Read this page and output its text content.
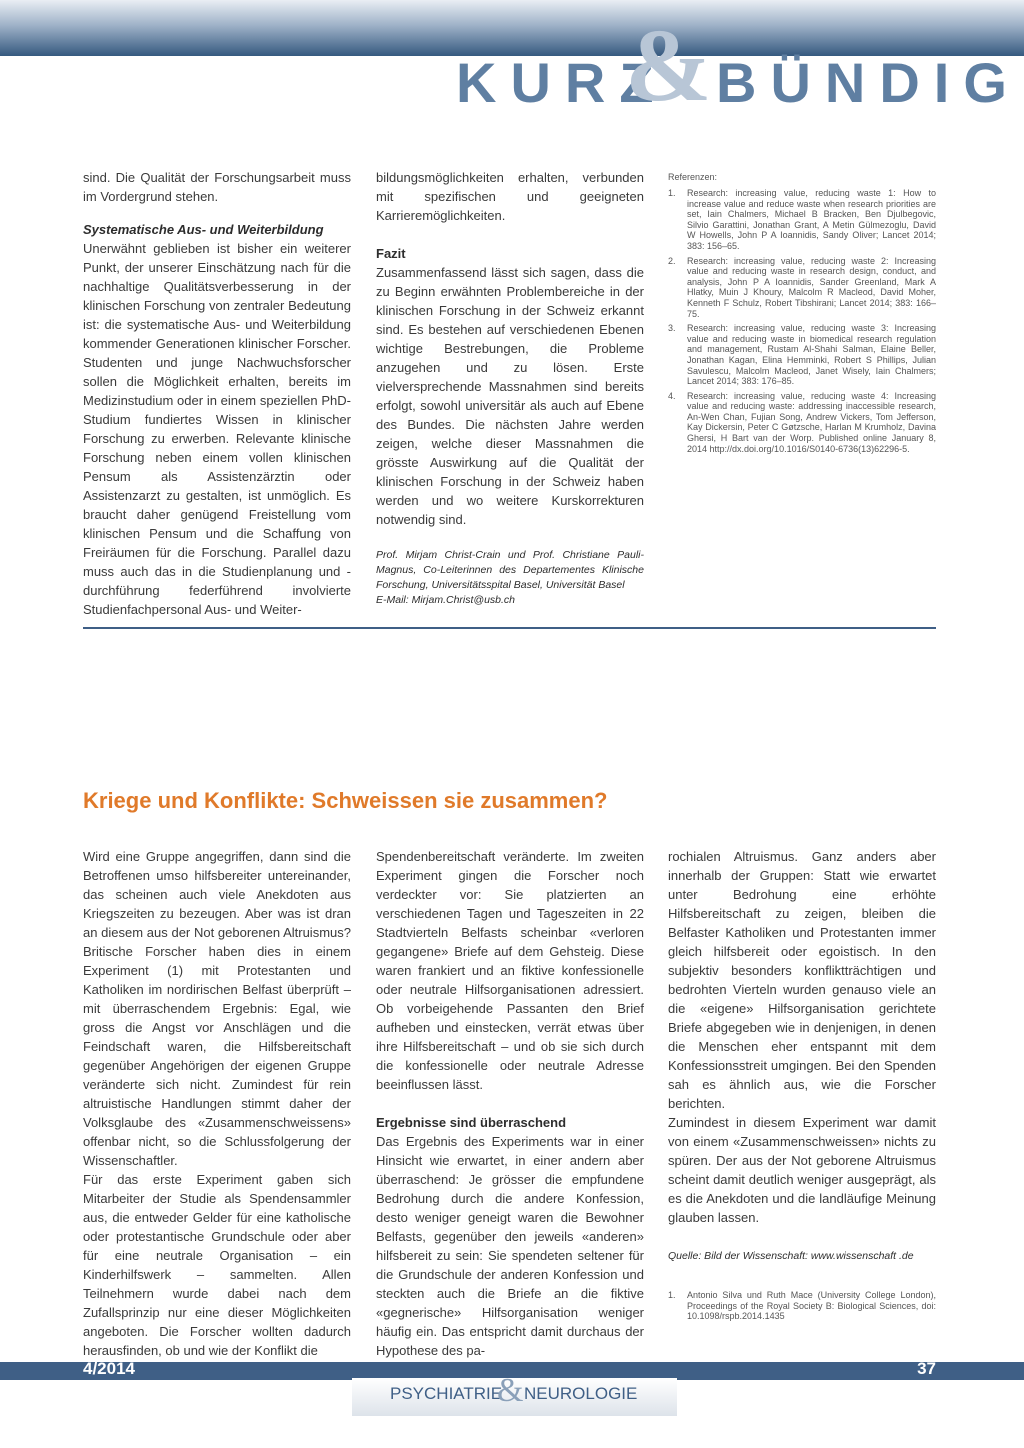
KURZ
& BÜNDIG

sind. Die Qualität der Forschungsarbeit muss im Vordergrund stehen.

Systematische Aus- und Weiterbildung

Unerwähnt geblieben ist bisher ein weiterer Punkt, der unserer Einschätzung nach für die nachhaltige Qualitätsverbesserung in der klinischen Forschung von zentraler Bedeutung ist: die systematische Aus- und Weiterbildung kommender Generationen klinischer Forscher. Studenten und junge Nachwuchsforscher sollen die Möglichkeit erhalten, bereits im Medizinstudium oder in einem speziellen PhD-Studium fundiertes Wissen in klinischer Forschung zu erwerben. Relevante klinische Forschung neben einem vollen klinischen Pensum als Assistenzärztin oder Assistenzarzt zu gestalten, ist unmöglich. Es braucht daher genügend Freistellung vom klinischen Pensum und die Schaffung von Freiräumen für die Forschung. Parallel dazu muss auch das in die Studienplanung und -durchführung federführend involvierte Studienfachpersonal Aus- und Weiter-

bildungsmöglichkeiten erhalten, verbunden mit spezifischen und geeigneten Karrieremöglichkeiten.

Fazit

Zusammenfassend lässt sich sagen, dass die zu Beginn erwähnten Problembereiche in der klinischen Forschung in der Schweiz erkannt sind. Es bestehen auf verschiedenen Ebenen wichtige Bestrebungen, die Probleme anzugehen und zu lösen. Erste vielversprechende Massnahmen sind bereits erfolgt, sowohl universitär als auch auf Ebene des Bundes. Die nächsten Jahre werden zeigen, welche dieser Massnahmen die grösste Auswirkung auf die Qualität der klinischen Forschung in der Schweiz haben werden und wo weitere Kurskorrekturen notwendig sind.

Prof. Mirjam Christ-Crain und Prof. Christiane Pauli-Magnus, Co-Leiterinnen des Departementes Klinische Forschung, Universitätsspital Basel, Universität Basel

E-Mail: Mirjam.Christ@usb.ch

Referenzen:
1. Research: increasing value, reducing waste 1: How to increase value and reduce waste when research priorities are set, Iain Chalmers, Michael B Bracken, Ben Djulbegovic, Silvio Garattini, Jonathan Grant, A Metin Gülmezoglu, David W Howells, John P A Ioannidis, Sandy Oliver; Lancet 2014; 383: 156–65.
2. Research: increasing value, reducing waste 2: Increasing value and reducing waste in research design, conduct, and analysis, John P A Ioannidis, Sander Greenland, Mark A Hlatky, Muin J Khoury, Malcolm R Macleod, David Moher, Kenneth F Schulz, Robert Tibshirani; Lancet 2014; 383: 166–75.
3. Research: increasing value, reducing waste 3: Increasing value and reducing waste in biomedical research regulation and management, Rustam Al-Shahi Salman, Elaine Beller, Jonathan Kagan, Elina Hemminki, Robert S Phillips, Julian Savulescu, Malcolm Macleod, Janet Wisely, Iain Chalmers; Lancet 2014; 383: 176–85.
4. Research: increasing value, reducing waste 4: Increasing value and reducing waste: addressing inaccessible research, An-Wen Chan, Fujian Song, Andrew Vickers, Tom Jefferson, Kay Dickersin, Peter C Gøtzsche, Harlan M Krumholz, Davina Ghersi, H Bart van der Worp. Published online January 8, 2014 http://dx.doi.org/10.1016/S0140-6736(13)62296-5.
Kriege und Konflikte: Schweissen sie zusammen?

Wird eine Gruppe angegriffen, dann sind die Betroffenen umso hilfsbereiter untereinander, das scheinen auch viele Anekdoten aus Kriegszeiten zu bezeugen. Aber was ist dran an diesem aus der Not geborenen Altruismus? Britische Forscher haben dies in einem Experiment (1) mit Protestanten und Katholiken im nordirischen Belfast überprüft – mit überraschendem Ergebnis: Egal, wie gross die Angst vor Anschlägen und die Feindschaft waren, die Hilfsbereitschaft gegenüber Angehörigen der eigenen Gruppe veränderte sich nicht. Zumindest für rein altruistische Handlungen stimmt daher der Volksglaube des «Zusammenschweissens» offenbar nicht, so die Schlussfolgerung der Wissenschaftler.

Für das erste Experiment gaben sich Mitarbeiter der Studie als Spendensammler aus, die entweder Gelder für eine katholische oder protestantische Grundschule oder aber für eine neutrale Organisation – ein Kinderhilfswerk – sammelten. Allen Teilnehmern wurde dabei nach dem Zufallsprinzip nur eine dieser Möglichkeiten angeboten. Die Forscher wollten dadurch herausfinden, ob und wie der Konflikt die

Spendenbereitschaft veränderte. Im zweiten Experiment gingen die Forscher noch verdeckter vor: Sie platzierten an verschiedenen Tagen und Tageszeiten in 22 Stadtvierteln Belfasts scheinbar «verloren gegangene» Briefe auf dem Gehsteig. Diese waren frankiert und an fiktive konfessionelle oder neutrale Hilfsorganisationen adressiert. Ob vorbeigehende Passanten den Brief aufheben und einstecken, verrät etwas über ihre Hilfsbereitschaft – und ob sie sich durch die konfessionelle oder neutrale Adresse beeinflussen lässt.

Ergebnisse sind überraschend

Das Ergebnis des Experiments war in einer Hinsicht wie erwartet, in einer andern aber überraschend: Je grösser die empfundene Bedrohung durch die andere Konfession, desto weniger geneigt waren die Bewohner Belfasts, gegenüber den jeweils «anderen» hilfsbereit zu sein: Sie spendeten seltener für die Grundschule der anderen Konfession und steckten auch die Briefe an die fiktive «gegnerische» Hilfsorganisation weniger häufig ein. Das entspricht damit durchaus der Hypothese des pa-

rochialen Altruismus. Ganz anders aber innerhalb der Gruppen: Statt wie erwartet unter Bedrohung eine erhöhte Hilfsbereitschaft zu zeigen, bleiben die Belfaster Katholiken und Protestanten immer gleich hilfsbereit oder egoistisch. In den subjektiv besonders konfliktträchtigen und bedrohten Vierteln wurden genauso viele an die «eigene» Hilfsorganisation gerichtete Briefe abgegeben wie in denjenigen, in denen die Menschen eher entspannt mit dem Konfessionsstreit umgingen. Bei den Spenden sah es ähnlich aus, wie die Forscher berichten.

Zumindest in diesem Experiment war damit von einem «Zusammenschweissen» nichts zu spüren. Der aus der Not geborene Altruismus scheint damit deutlich weniger ausgeprägt, als es die Anekdoten und die landläufige Meinung glauben lassen.

Quelle: Bild der Wissenschaft: www.wissenschaft .de

1. Antonio Silva und Ruth Mace (University College London), Proceedings of the Royal Society B: Biological Sciences, doi: 10.1098/rspb.2014.1435
4/2014	37
PSYCHIATRIE
& NEUROLOGIE
